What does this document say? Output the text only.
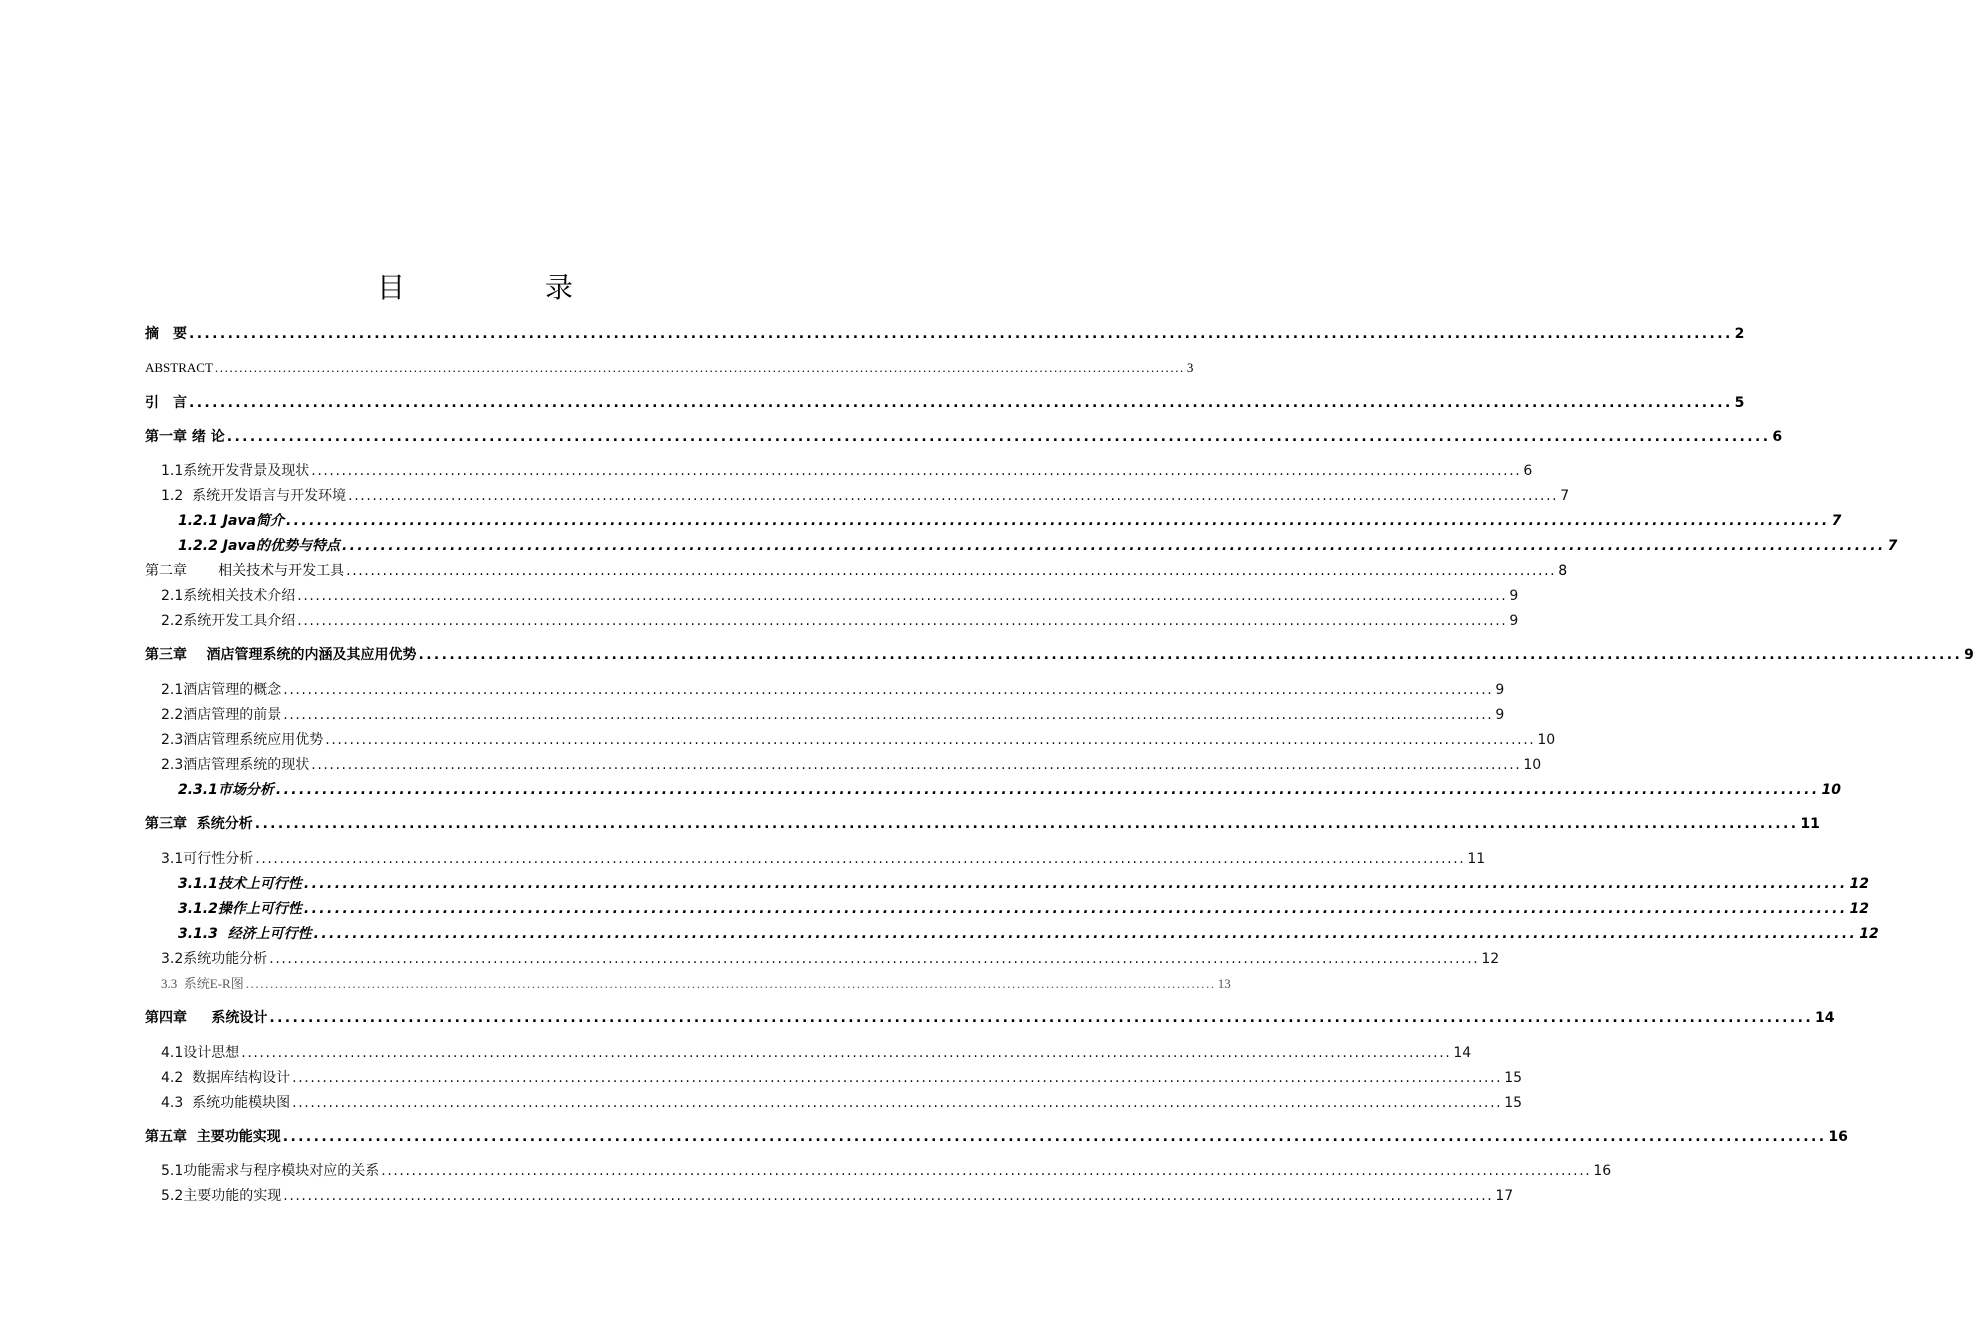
目　录
摘　要 ........................................................................................................................................................................................................ 2
ABSTRACT ........................................................................................................................................................................................................ 3
引　言 ........................................................................................................................................................................................................ 5
第一章 绪 论 ........................................................................................................................................................................................................ 6
1.1系统开发背景及现状 ........................................................................................................................................................................................................ 6
1.2  系统开发语言与开发环境 ........................................................................................................................................................................................................ 7
1.2.1 Java简介 ........................................................................................................................................................................................................ 7
1.2.2 Java的优势与特点 ........................................................................................................................................................................................................ 7
第二章       相关技术与开发工具 ........................................................................................................................................................................................................ 8
2.1系统相关技术介绍 ........................................................................................................................................................................................................ 9
2.2系统开发工具介绍 ........................................................................................................................................................................................................ 9
第三章    酒店管理系统的内涵及其应用优势 ........................................................................................................................................................................................................ 9
2.1酒店管理的概念 ........................................................................................................................................................................................................ 9
2.2酒店管理的前景 ........................................................................................................................................................................................................ 9
2.3酒店管理系统应用优势 ........................................................................................................................................................................................................ 10
2.3酒店管理系统的现状 ........................................................................................................................................................................................................ 10
2.3.1市场分析 ........................................................................................................................................................................................................ 10
第三章  系统分析 ........................................................................................................................................................................................................ 11
3.1可行性分析 ........................................................................................................................................................................................................ 11
3.1.1技术上可行性 ........................................................................................................................................................................................................ 12
3.1.2操作上可行性 ........................................................................................................................................................................................................ 12
3.1.3  经济上可行性 ........................................................................................................................................................................................................ 12
3.2系统功能分析 ........................................................................................................................................................................................................ 12
3.3  系统E-R图 ........................................................................................................................................................................................................ 13
第四章     系统设计 ........................................................................................................................................................................................................ 14
4.1设计思想 ........................................................................................................................................................................................................ 14
4.2  数据库结构设计 ........................................................................................................................................................................................................ 15
4.3  系统功能模块图 ........................................................................................................................................................................................................ 15
第五章  主要功能实现 ........................................................................................................................................................................................................ 16
5.1功能需求与程序模块对应的关系 ........................................................................................................................................................................................................ 16
5.2主要功能的实现 ........................................................................................................................................................................................................ 17
